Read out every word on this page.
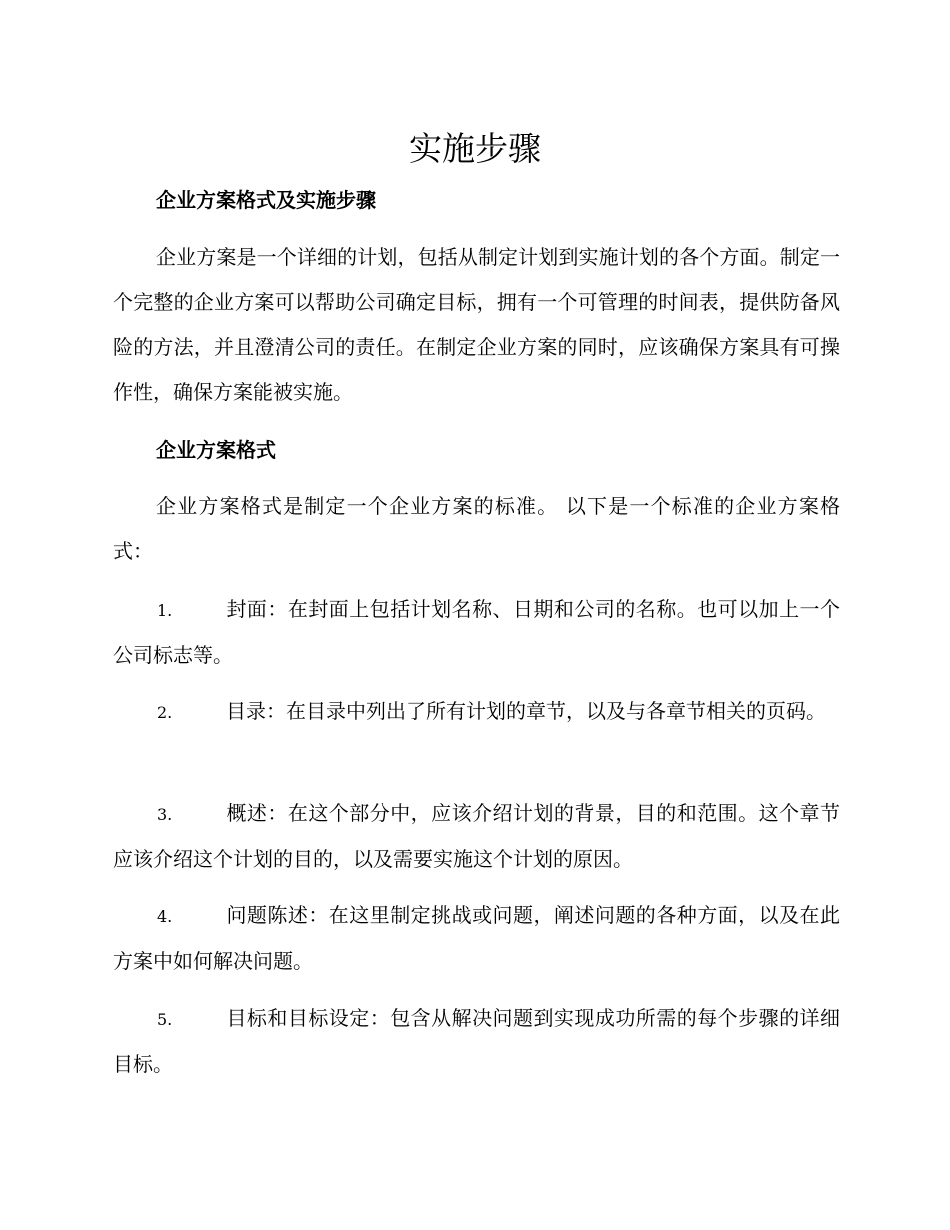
实施步骤
企业方案格式及实施步骤

企业方案是一个详细的计划，包括从制定计划到实施计划的各个方面。制定一个完整的企业方案可以帮助公司确定目标，拥有一个可管理的时间表，提供防备风险的方法，并且澄清公司的责任。在制定企业方案的同时，应该确保方案具有可操作性，确保方案能被实施。

企业方案格式

企业方案格式是制定一个企业方案的标准。 以下是一个标准的企业方案格式：

1.	封面：在封面上包括计划名称、日期和公司的名称。也可以加上一个公司标志等。
2.	目录：在目录中列出了所有计划的章节，以及与各章节相关的页码。
3.	概述：在这个部分中，应该介绍计划的背景，目的和范围。这个章节应该介绍这个计划的目的，以及需要实施这个计划的原因。
4.	问题陈述：在这里制定挑战或问题，阐述问题的各种方面，以及在此方案中如何解决问题。
5.	目标和目标设定：包含从解决问题到实现成功所需的每个步骤的详细目标。
